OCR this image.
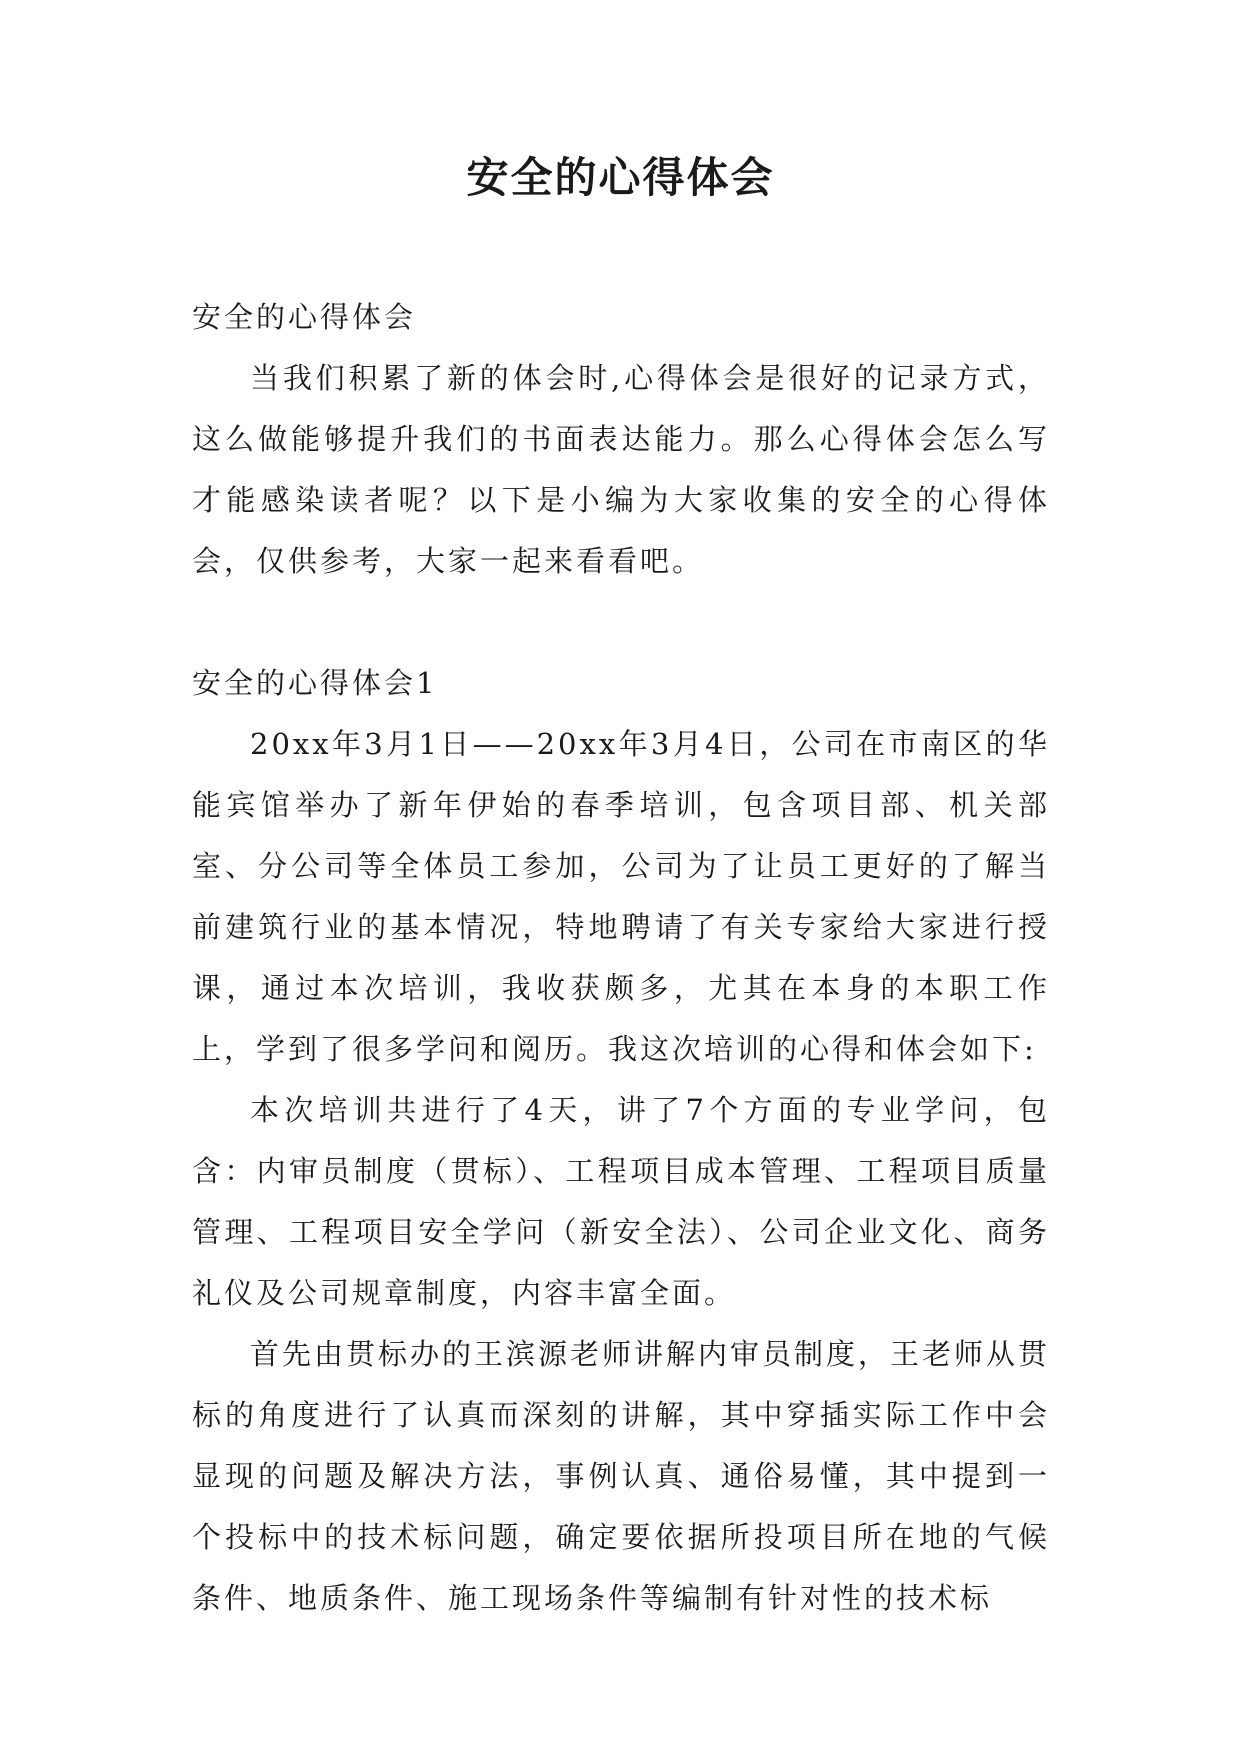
安全的心得体会

安全的心得体会

当我们积累了新的体会时,心得体会是很好的记录方式，这么做能够提升我们的书面表达能力。那么心得体会怎么写才能感染读者呢？以下是小编为大家收集的安全的心得体会，仅供参考，大家一起来看看吧。

安全的心得体会1

20xx年3月1日——20xx年3月4日，公司在市南区的华能宾馆举办了新年伊始的春季培训，包含项目部、机关部室、分公司等全体员工参加，公司为了让员工更好的了解当前建筑行业的基本情况，特地聘请了有关专家给大家进行授课，通过本次培训，我收获颇多，尤其在本身的本职工作上，学到了很多学问和阅历。我这次培训的心得和体会如下:

本次培训共进行了4天，讲了7个方面的专业学问，包含：内审员制度（贯标）、工程项目成本管理、工程项目质量管理、工程项目安全学问（新安全法）、公司企业文化、商务礼仪及公司规章制度，内容丰富全面。

首先由贯标办的王滨源老师讲解内审员制度，王老师从贯标的角度进行了认真而深刻的讲解，其中穿插实际工作中会显现的问题及解决方法，事例认真、通俗易懂，其中提到一个投标中的技术标问题，确定要依据所投项目所在地的气候条件、地质条件、施工现场条件等编制有针对性的技术标
